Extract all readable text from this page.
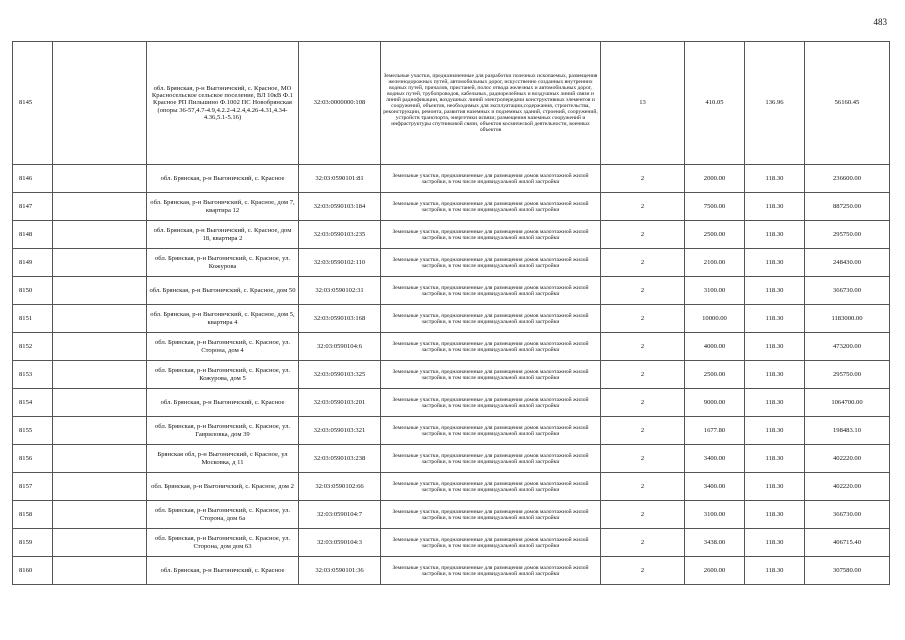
483
8145		обл. Брянская, р-н Выгоничский, с. Красное, МО Красносельское сельское поселение, ВЛ 10кВ Ф.1 Красное РП Пильшино Ф.1002 ПС Новобрянская (опоры 36-57,4.7-4.9,4.2.2-4.2.4,4.26-4.31,4.34-4.36,5.1-5.16)	32:03:0000000:108	Земельные участки, предназначенные для разработки полезных ископаемых, размещения железнодорожных путей, автомобильных дорог, искусственно созданных внутренних водных путей, причалов, пристаней, полос отвода железных и автомобильных дорог, водных путей, трубопроводов, кабельных, радиорелейных и воздушных линий связи и линий радиофикации, воздушных линий электропередачи конструктивных элементов и сооружений, объектов, необходимых для эксплуатации,содержания, строительства, реконструкции, ремонта, развития наземных и подземных зданий, строений, сооружений, устройств транспорта, энергетики исвязи; размещения наземных сооружений и инфраструктуры спутниковой связи, объектов космической деятельности, военных объектов	13	410.05	136.96	56160.45
8146		обл. Брянская, р-н Выгоничский, с. Красное	32:03:0590101:81	Земельные участки, предназначенные для размещения домов малоэтажной жилой застройки, в том числе индивидуальной жилой застройки	2	2000.00	118.30	236600.00
8147		обл. Брянская, р-н Выгоничский, с. Красное, дом 7, квартира 12	32:03:0590103:184	Земельные участки, предназначенные для размещения домов малоэтажной жилой застройки, в том числе индивидуальной жилой застройки	2	7500.00	118.30	887250.00
8148		обл. Брянская, р-н Выгоничский, с. Красное, дом 18, квартира 2	32:03:0590103:235	Земельные участки, предназначенные для размещения домов малоэтажной жилой застройки, в том числе индивидуальной жилой застройки	2	2500.00	118.30	295750.00
8149		обл. Брянская, р-н Выгоничский, с. Красное, ул. Кожурова	32:03:0590102:110	Земельные участки, предназначенные для размещения домов малоэтажной жилой застройки, в том числе индивидуальной жилой застройки	2	2100.00	118.30	248430.00
8150		обл. Брянская, р-н Выгоничский, с. Красное, дом 50	32:03:0590102:31	Земельные участки, предназначенные для размещения домов малоэтажной жилой застройки, в том числе индивидуальной жилой застройки	2	3100.00	118.30	366730.00
8151		обл. Брянская, р-н Выгоничский, с. Красное, дом 5, квартира 4	32:03:0590103:168	Земельные участки, предназначенные для размещения домов малоэтажной жилой застройки, в том числе индивидуальной жилой застройки	2	10000.00	118.30	1183000.00
8152		обл. Брянская, р-н Выгоничский, с. Красное, ул. Сторона, дом 4	32:03:0590104:6	Земельные участки, предназначенные для размещения домов малоэтажной жилой застройки, в том числе индивидуальной жилой застройки	2	4000.00	118.30	473200.00
8153		обл. Брянская, р-н Выгоничский, с. Красное, ул. Кожурова, дом 5	32:03:0590103:325	Земельные участки, предназначенные для размещения домов малоэтажной жилой застройки, в том числе индивидуальной жилой застройки	2	2500.00	118.30	295750.00
8154		обл. Брянская, р-н Выгоничский, с. Красное	32:03:0590103:201	Земельные участки, предназначенные для размещения домов малоэтажной жилой застройки, в том числе индивидуальной жилой застройки	2	9000.00	118.30	1064700.00
8155		обл. Брянская, р-н Выгоничский, с. Красное, ул. Гавриловка, дом 39	32:03:0590103:321	Земельные участки, предназначенные для размещения домов малоэтажной жилой застройки, в том числе индивидуальной жилой застройки	2	1677.80	118.30	198483.10
8156		Брянская обл, р-н Выгоничский, с Красное, ул Московка, д 11	32:03:0590103:238	Земельные участки, предназначенные для размещения домов малоэтажной жилой застройки, в том числе индивидуальной жилой застройки	2	3400.00	118.30	402220.00
8157		обл. Брянская, р-н Выгоничский, с. Красное, дом 2	32:03:0590102:66	Земельные участки, предназначенные для размещения домов малоэтажной жилой застройки, в том числе индивидуальной жилой застройки	2	3400.00	118.30	402220.00
8158		обл. Брянская, р-н Выгоничский, с. Красное, ул. Сторона, дом 6а	32:03:0590104:7	Земельные участки, предназначенные для размещения домов малоэтажной жилой застройки, в том числе индивидуальной жилой застройки	2	3100.00	118.30	366730.00
8159		обл. Брянская, р-н Выгоничский, с. Красное, ул. Сторона, дом дом 63	32:03:0590104:3	Земельные участки, предназначенные для размещения домов малоэтажной жилой застройки, в том числе индивидуальной жилой застройки	2	3438.00	118.30	406715.40
8160		обл. Брянская, р-н Выгоничский, с. Красное	32:03:0590101:36	Земельные участки, предназначенные для размещения домов малоэтажной жилой застройки, в том числе индивидуальной жилой застройки	2	2600.00	118.30	307580.00
